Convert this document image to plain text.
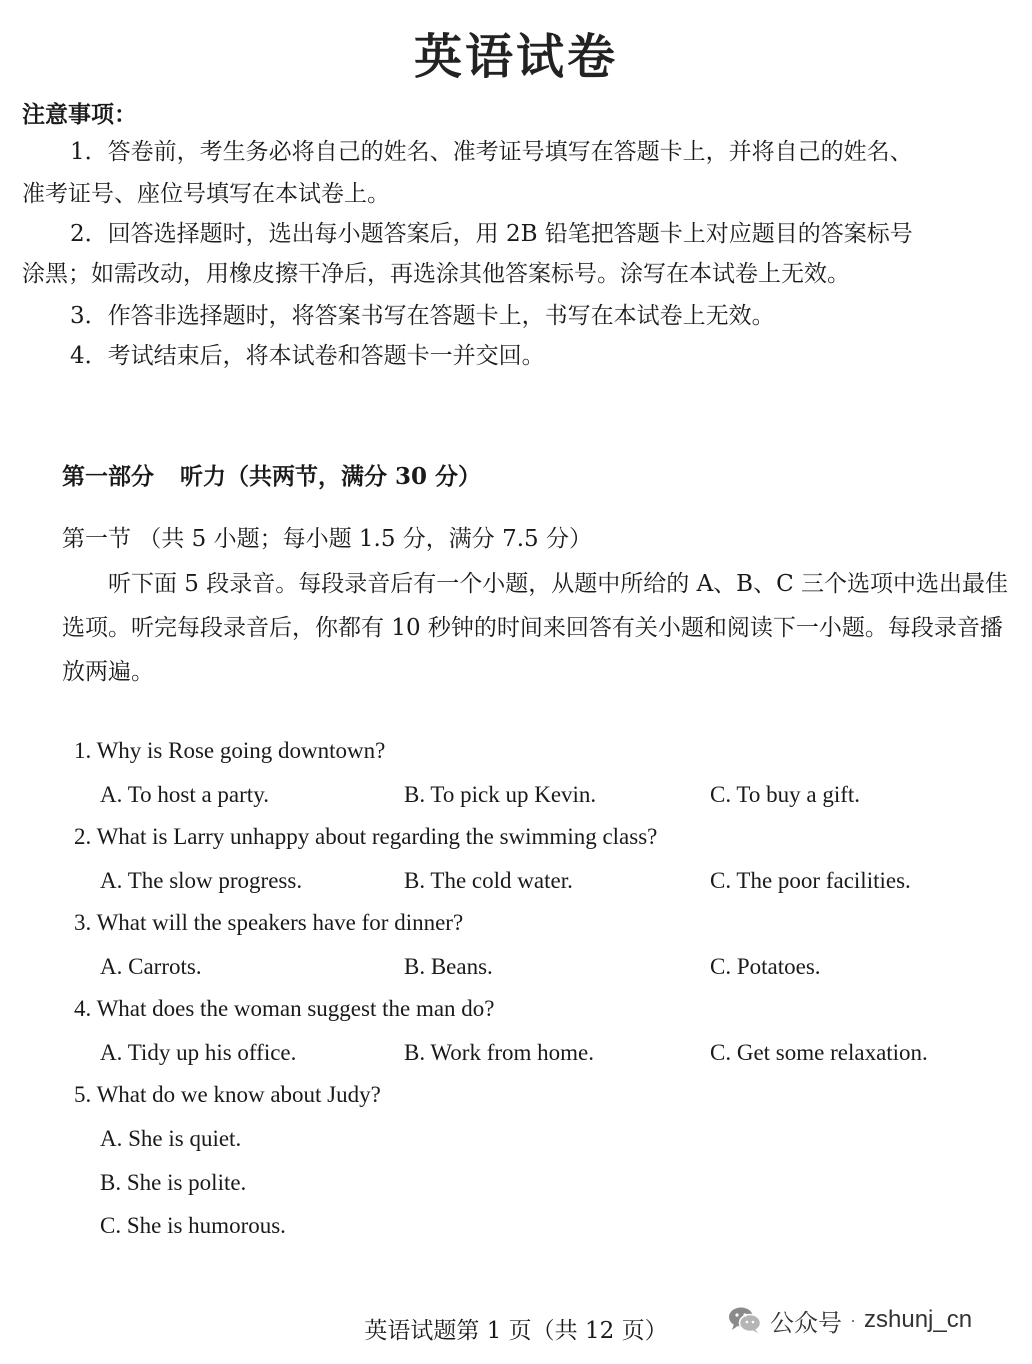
英语试卷
注意事项：
1．答卷前，考生务必将自己的姓名、准考证号填写在答题卡上，并将自己的姓名、
准考证号、座位号填写在本试卷上。
2．回答选择题时，选出每小题答案后，用 2B 铅笔把答题卡上对应题目的答案标号
涂黑；如需改动，用橡皮擦干净后，再选涂其他答案标号。涂写在本试卷上无效。
3．作答非选择题时，将答案书写在答题卡上，书写在本试卷上无效。
4．考试结束后，将本试卷和答题卡一并交回。
第一部分 听力（共两节，满分 30 分）
第一节 （共 5 小题；每小题 1.5 分，满分 7.5 分）
听下面 5 段录音。每段录音后有一个小题，从题中所给的 A、B、C 三个选项中选出最佳选项。听完每段录音后，你都有 10 秒钟的时间来回答有关小题和阅读下一小题。每段录音播放两遍。
1. Why is Rose going downtown?
A. To host a party.	B. To pick up Kevin.	C. To buy a gift.
2. What is Larry unhappy about regarding the swimming class?
A. The slow progress.	B. The cold water.	C. The poor facilities.
3. What will the speakers have for dinner?
A. Carrots.	B. Beans.	C. Potatoes.
4. What does the woman suggest the man do?
A. Tidy up his office.	B. Work from home.	C. Get some relaxation.
5. What do we know about Judy?
A. She is quiet.
B. She is polite.
C. She is humorous.
英语试题第 1 页（共 12 页）	公众号 · zshunj_cn
